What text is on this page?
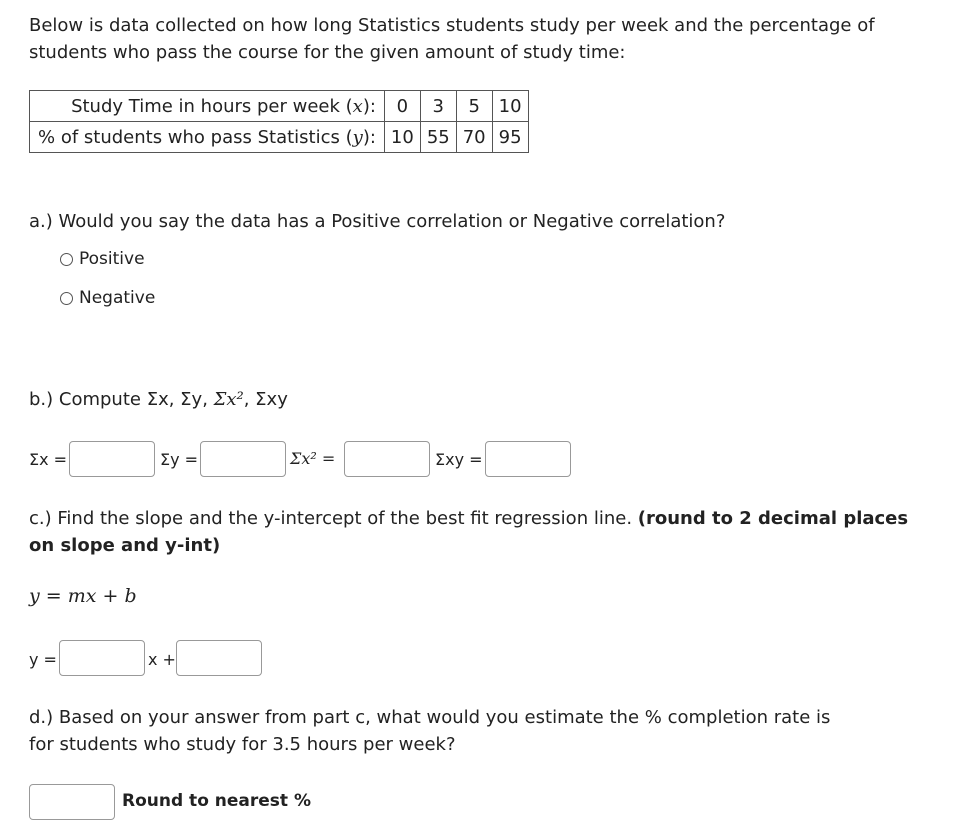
Below is data collected on how long Statistics students study per week and the percentage of students who pass the course for the given amount of study time:
Study Time in hours per week (x):	0	3	5	10
% of students who pass Statistics (y):	10	55	70	95
a.) Would you say the data has a Positive correlation or Negative correlation?
Positive
Negative
b.) Compute Σx, Σy, Σx², Σxy
Σx =	Σy =	Σx² =	Σxy =
c.) Find the slope and the y-intercept of the best fit regression line. (round to 2 decimal places on slope and y-int)
y = mx + b
y =	x +
d.) Based on your answer from part c, what would you estimate the % completion rate is for students who study for 3.5 hours per week?
Round to nearest %
